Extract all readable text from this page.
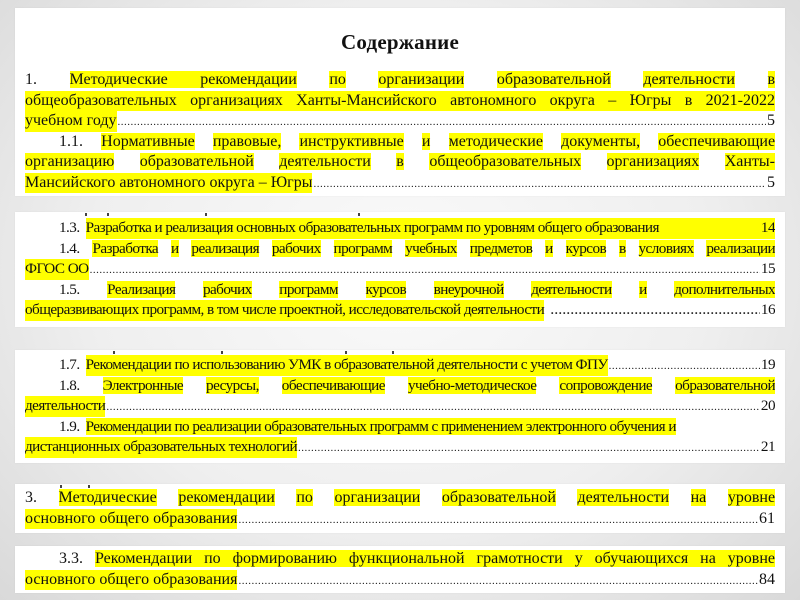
Содержание
1. Методические рекомендации по организации образовательной деятельности в
общеобразовательных организациях Ханты-Мансийского автономного округа – Югры в 2021-2022
учебном году .....	5
1.1. Нормативные правовые, инструктивные и методические документы, обеспечивающие
организацию образовательной деятельности в общеобразовательных организациях Ханты-
Мансийского автономного округа – Югры .....	5
1.3. Разработка и реализация основных образовательных программ по уровням общего образования	14
1.4. Разработка и реализация рабочих программ учебных предметов и курсов в условиях реализации
ФГОС ОО .....	15
1.5. Реализация рабочих программ курсов внеурочной деятельности и дополнительных
общеразвивающих программ, в том числе проектной, исследовательской деятельности .....	16
1.7. Рекомендации по использованию УМК в образовательной деятельности с учетом ФПУ .....	19
1.8. Электронные ресурсы, обеспечивающие учебно-методическое сопровождение образовательной
деятельности .....	20
1.9. Рекомендации по реализации образовательных программ с применением электронного обучения и
дистанционных образовательных технологий .....	21
3. Методические рекомендации по организации образовательной деятельности на уровне
основного общего образования .....	61
3.3. Рекомендации по формированию функциональной грамотности у обучающихся на уровне
основного общего образования .....	84
